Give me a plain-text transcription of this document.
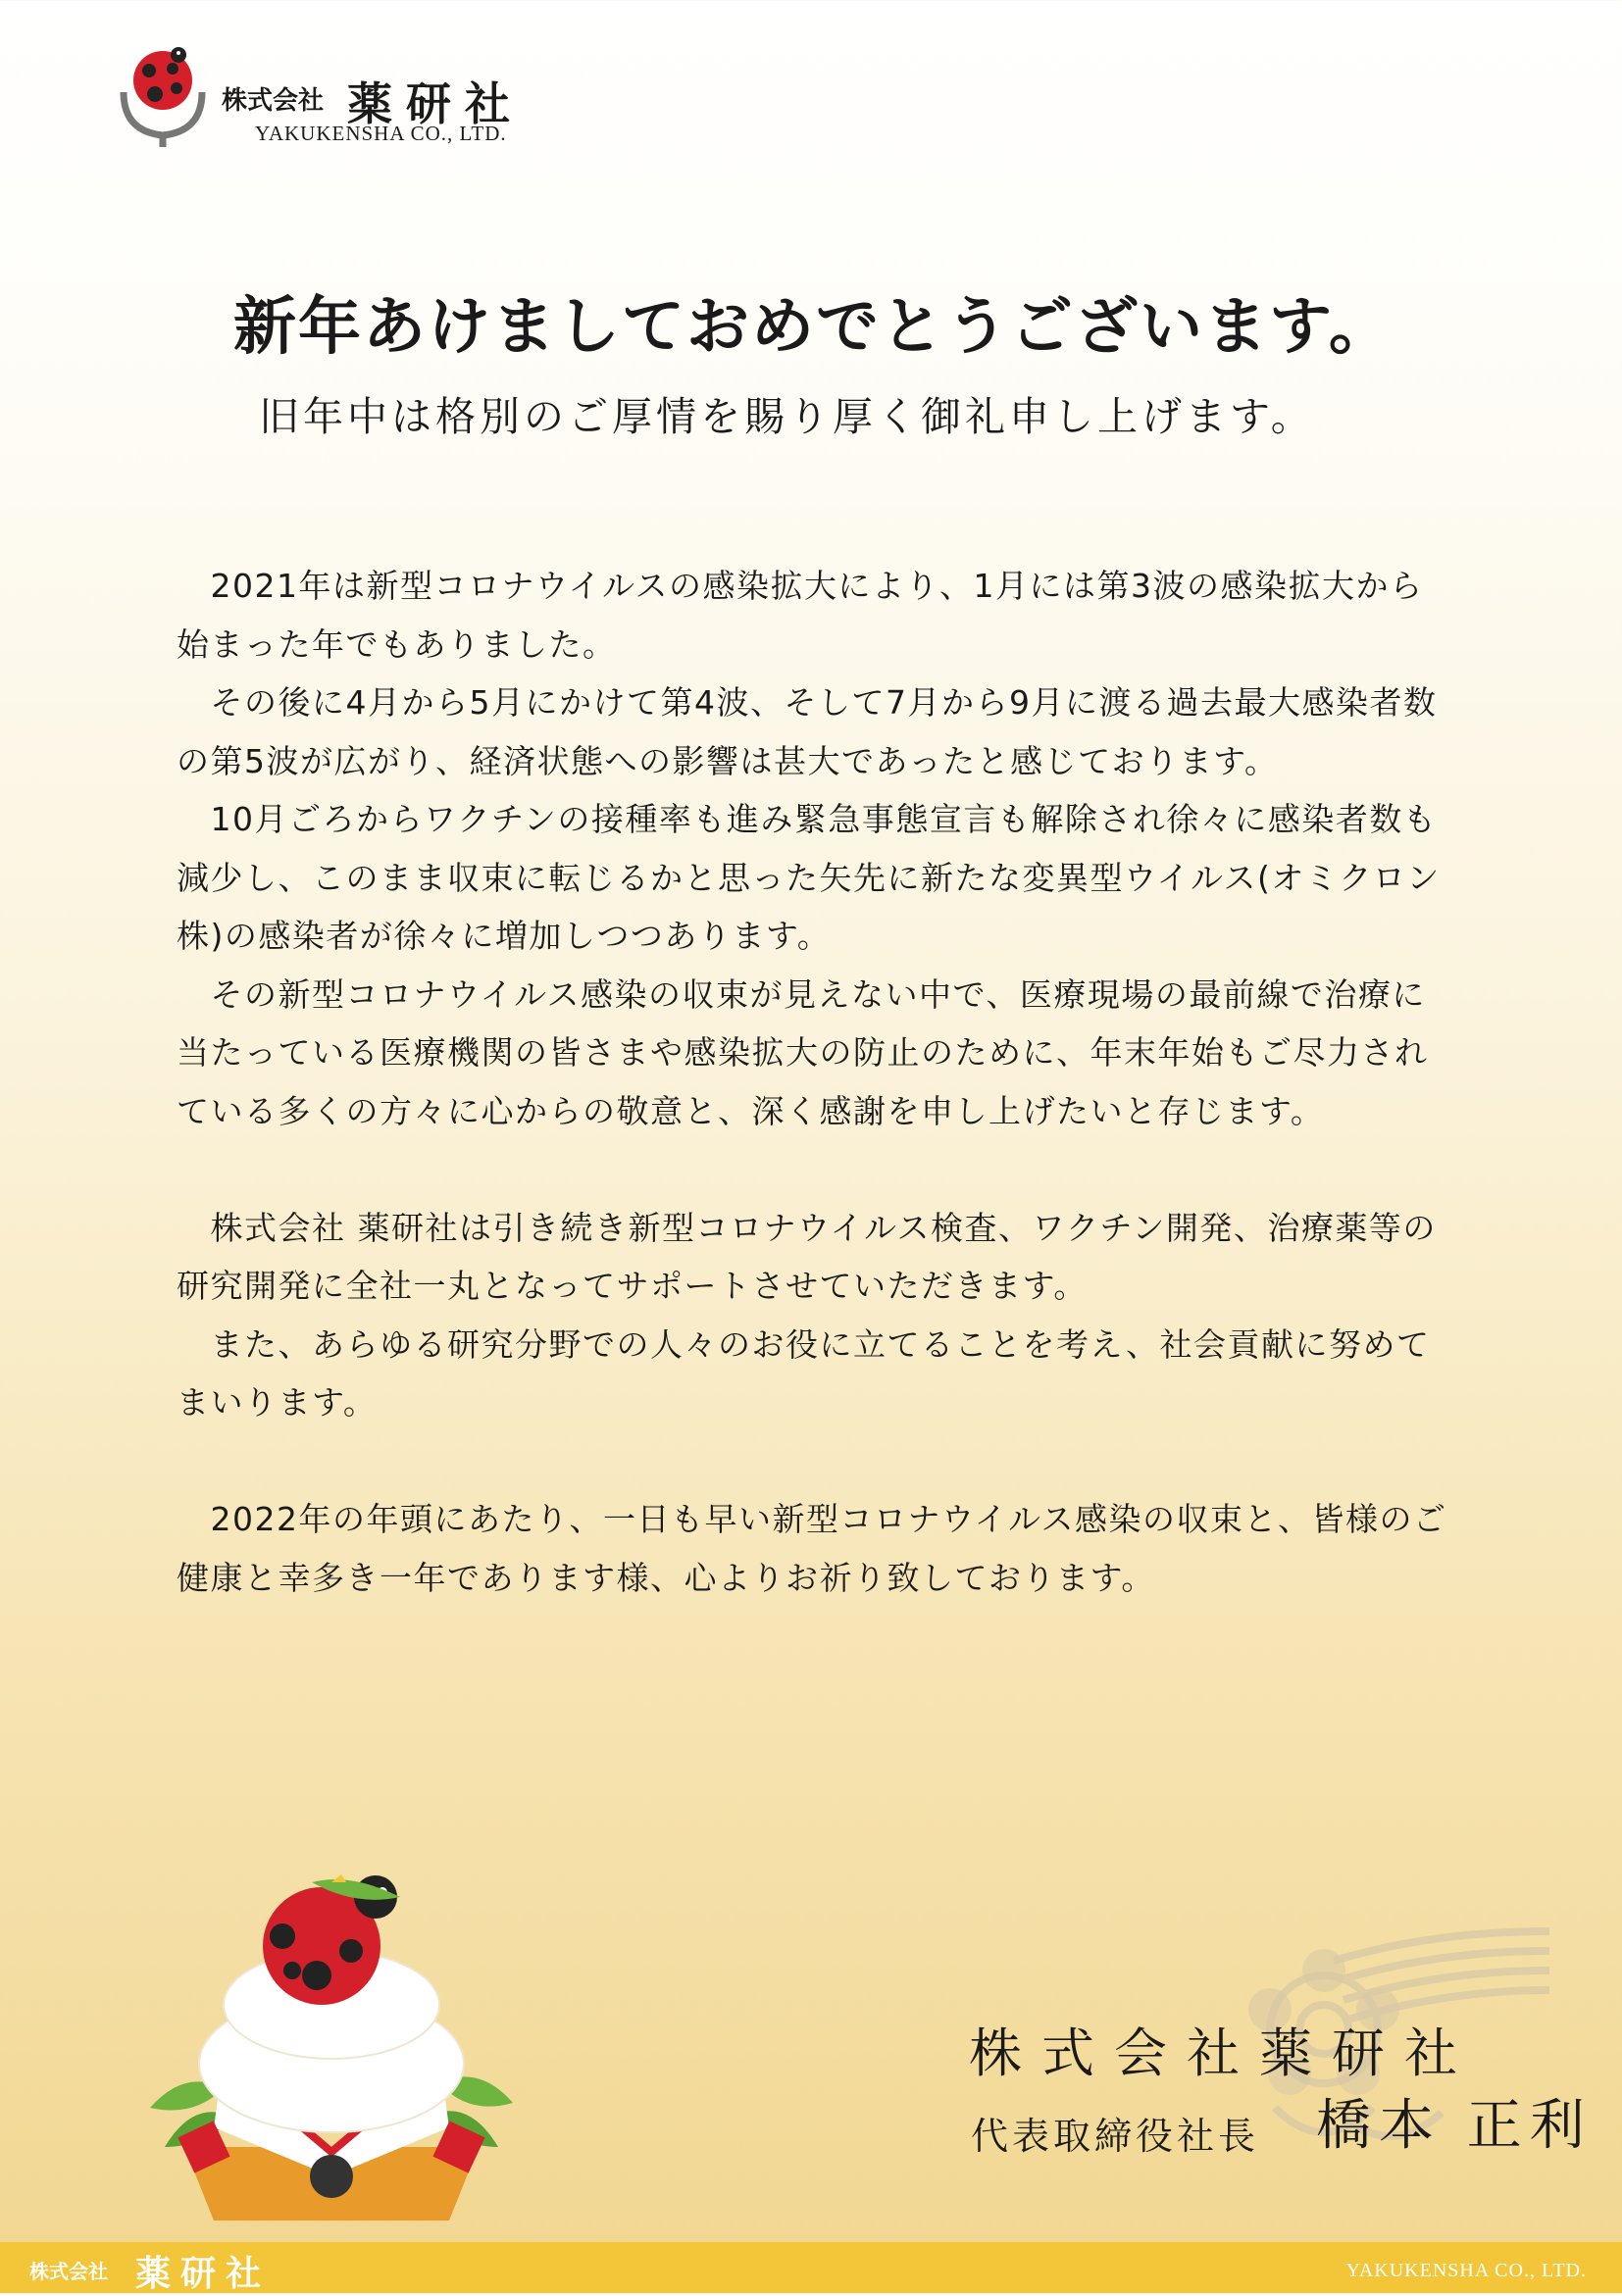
株式会社 薬研社
YAKUKENSHA CO., LTD.
新年あけましておめでとうございます。
旧年中は格別のご厚情を賜り厚く御礼申し上げます。

　2021年は新型コロナウイルスの感染拡大により、1月には第3波の感染拡大から始まった年でもありました。

　その後に4月から5月にかけて第4波、そして7月から9月に渡る過去最大感染者数の第5波が広がり、経済状態への影響は甚大であったと感じております。

　10月ごろからワクチンの接種率も進み緊急事態宣言も解除され徐々に感染者数も減少し、このまま収束に転じるかと思った矢先に新たな変異型ウイルス(オミクロン株)の感染者が徐々に増加しつつあります。

　その新型コロナウイルス感染の収束が見えない中で、医療現場の最前線で治療に当たっている医療機関の皆さまや感染拡大の防止のために、年末年始もご尽力されている多くの方々に心からの敬意と、深く感謝を申し上げたいと存じます。

　株式会社 薬研社は引き続き新型コロナウイルス検査、ワクチン開発、治療薬等の研究開発に全社一丸となってサポートさせていただきます。

　また、あらゆる研究分野での人々のお役に立てることを考え、社会貢献に努めてまいります。

　2022年の年頭にあたり、一日も早い新型コロナウイルス感染の収束と、皆様のご健康と幸多き一年であります様、心よりお祈り致しております。

株式会社薬研社
代表取締役社長 橋本 正利
株式会社 薬研社	YAKUKENSHA CO., LTD.
